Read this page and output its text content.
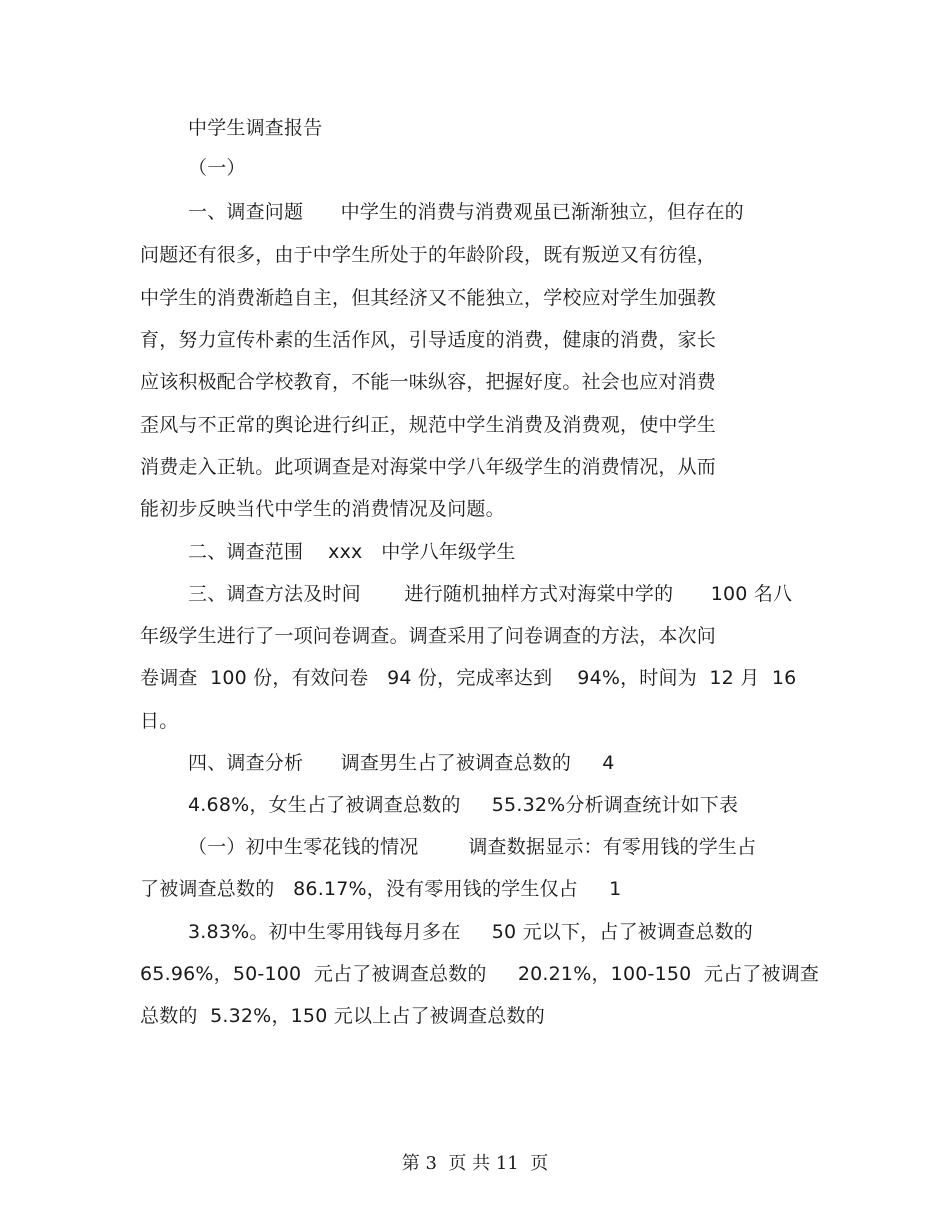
中学生调查报告
（一）
一、调查问题      中学生的消费与消费观虽已渐渐独立，但存在的
问题还有很多，由于中学生所处于的年龄阶段，既有叛逆又有彷徨，
中学生的消费渐趋自主，但其经济又不能独立，学校应对学生加强教
育，努力宣传朴素的生活作风，引导适度的消费，健康的消费，家长
应该积极配合学校教育，不能一味纵容，把握好度。社会也应对消费
歪风与不正常的舆论进行纠正，规范中学生消费及消费观，使中学生
消费走入正轨。此项调查是对海棠中学八年级学生的消费情况，从而
能初步反映当代中学生的消费情况及问题。
二、调查范围    xxx   中学八年级学生
三、调查方法及时间       进行随机抽样方式对海棠中学的      100 名八
年级学生进行了一项问卷调查。调查采用了问卷调查的方法，本次问
卷调查  100 份，有效问卷   94 份，完成率达到    94%，时间为  12 月  16
日。
四、调查分析      调查男生占了被调查总数的     4
4.68%，女生占了被调查总数的     55.32%分析调查统计如下表
（一）初中生零花钱的情况        调查数据显示：有零用钱的学生占
了被调查总数的   86.17%，没有零用钱的学生仅占     1
3.83%。初中生零用钱每月多在     50 元以下，占了被调查总数的
65.96%，50-100  元占了被调查总数的     20.21%，100-150  元占了被调查
总数的  5.32%，150 元以上占了被调查总数的
第 3  页 共 11  页
